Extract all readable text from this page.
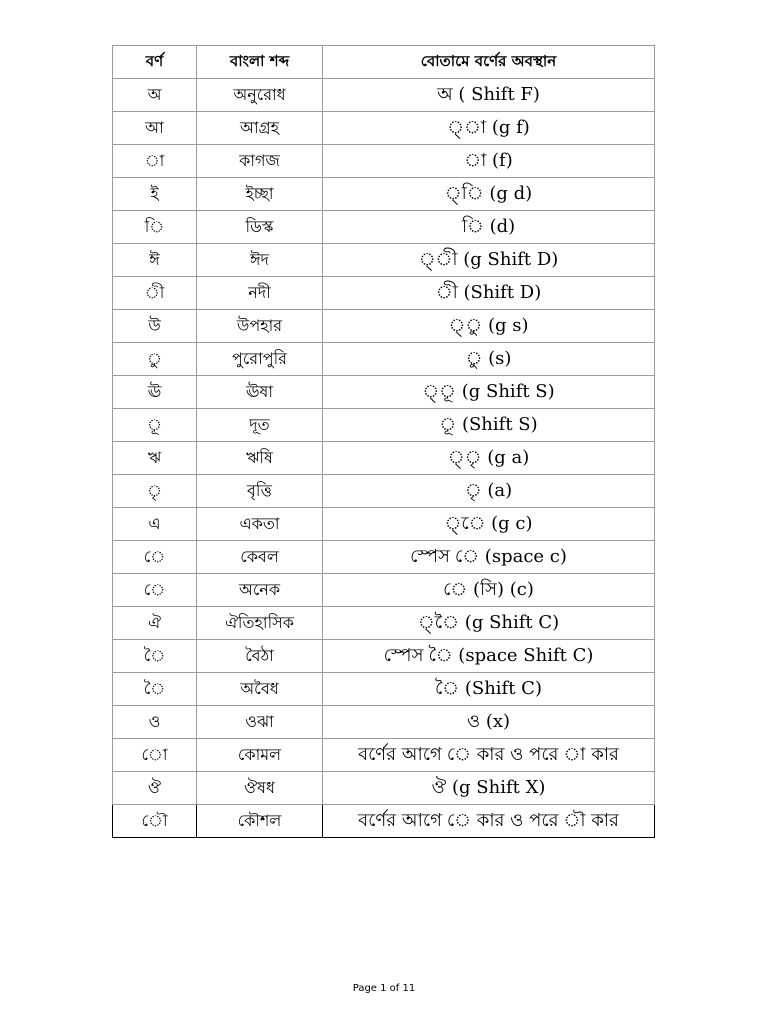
বর্ণ	বাংলা শব্দ	বোতামে বর্ণের অবস্থান
অ	অনুরোধ	অ ( Shift F)
আ	আগ্রহ	্া (g f)
া	কাগজ	া (f)
ই	ইচ্ছা	্ি (g d)
ি	ডিস্ক	ি (d)
ঈ	ঈদ	্ী (g Shift D)
ী	নদী	ী (Shift D)
উ	উপহার	্ু (g s)
ু	পুরোপুরি	ু (s)
ঊ	ঊষা	্ূ (g Shift S)
ূ	দূত	ূ (Shift S)
ঋ	ঋষি	্ৃ (g a)
ৃ	বৃত্তি	ৃ (a)
এ	একতা	্ে (g c)
ে	কেবল	স্পেস ে (space c)
ে	অনেক	ে (সি) (c)
ঐ	ঐতিহাসিক	্ৈ (g Shift C)
ৈ	বৈঠা	স্পেস ৈ (space Shift C)
ৈ	অবৈধ	ৈ (Shift C)
ও	ওঝা	ও (x)
ো	কোমল	বর্ণের আগে ে কার ও পরে া কার
ঔ	ঔষধ	ঔ (g Shift X)
ৌ	কৌশল	বর্ণের আগে ে কার ও পরে ৗ কার
Page 1 of 11
